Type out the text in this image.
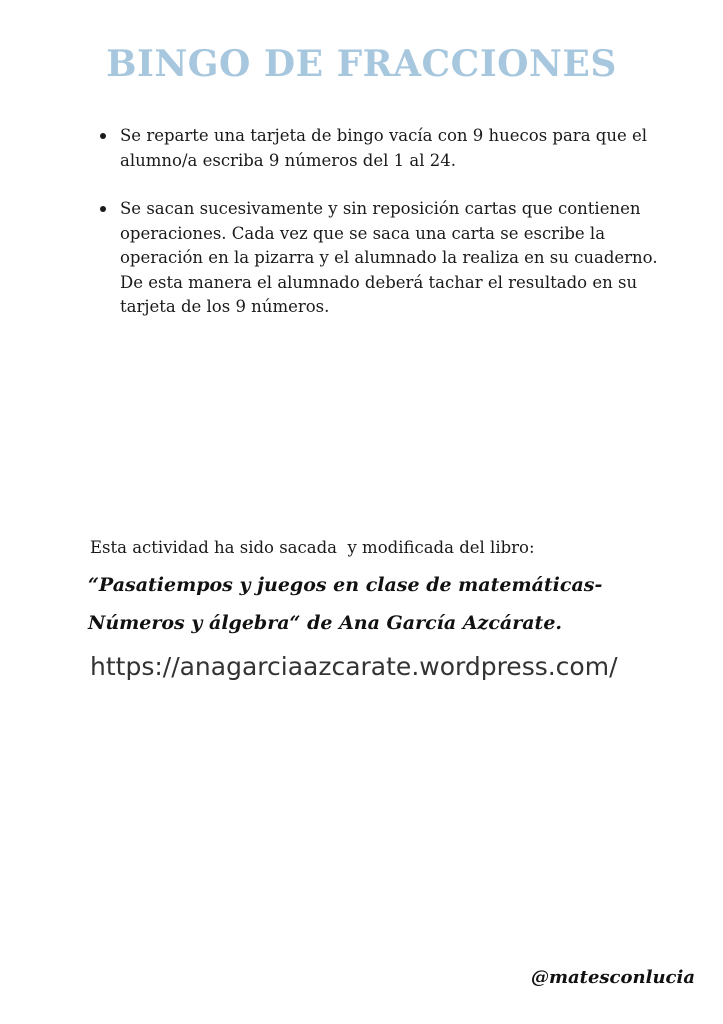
BINGO DE FRACCIONES
Se reparte una tarjeta de bingo vacía con 9 huecos para que el alumno/a escriba 9 números del 1 al 24.
Se sacan sucesivamente y sin reposición cartas que contienen operaciones. Cada vez que se saca una carta se escribe la operación en la pizarra y el alumnado la realiza en su cuaderno. De esta manera el alumnado deberá tachar el resultado en su tarjeta de los 9 números.

Esta actividad ha sido sacada  y modificada del libro:

“Pasatiempos y juegos en clase de matemáticas-Números y álgebra“ de Ana García Azcárate.

https://anagarciaazcarate.wordpress.com/
@matesconlucia
